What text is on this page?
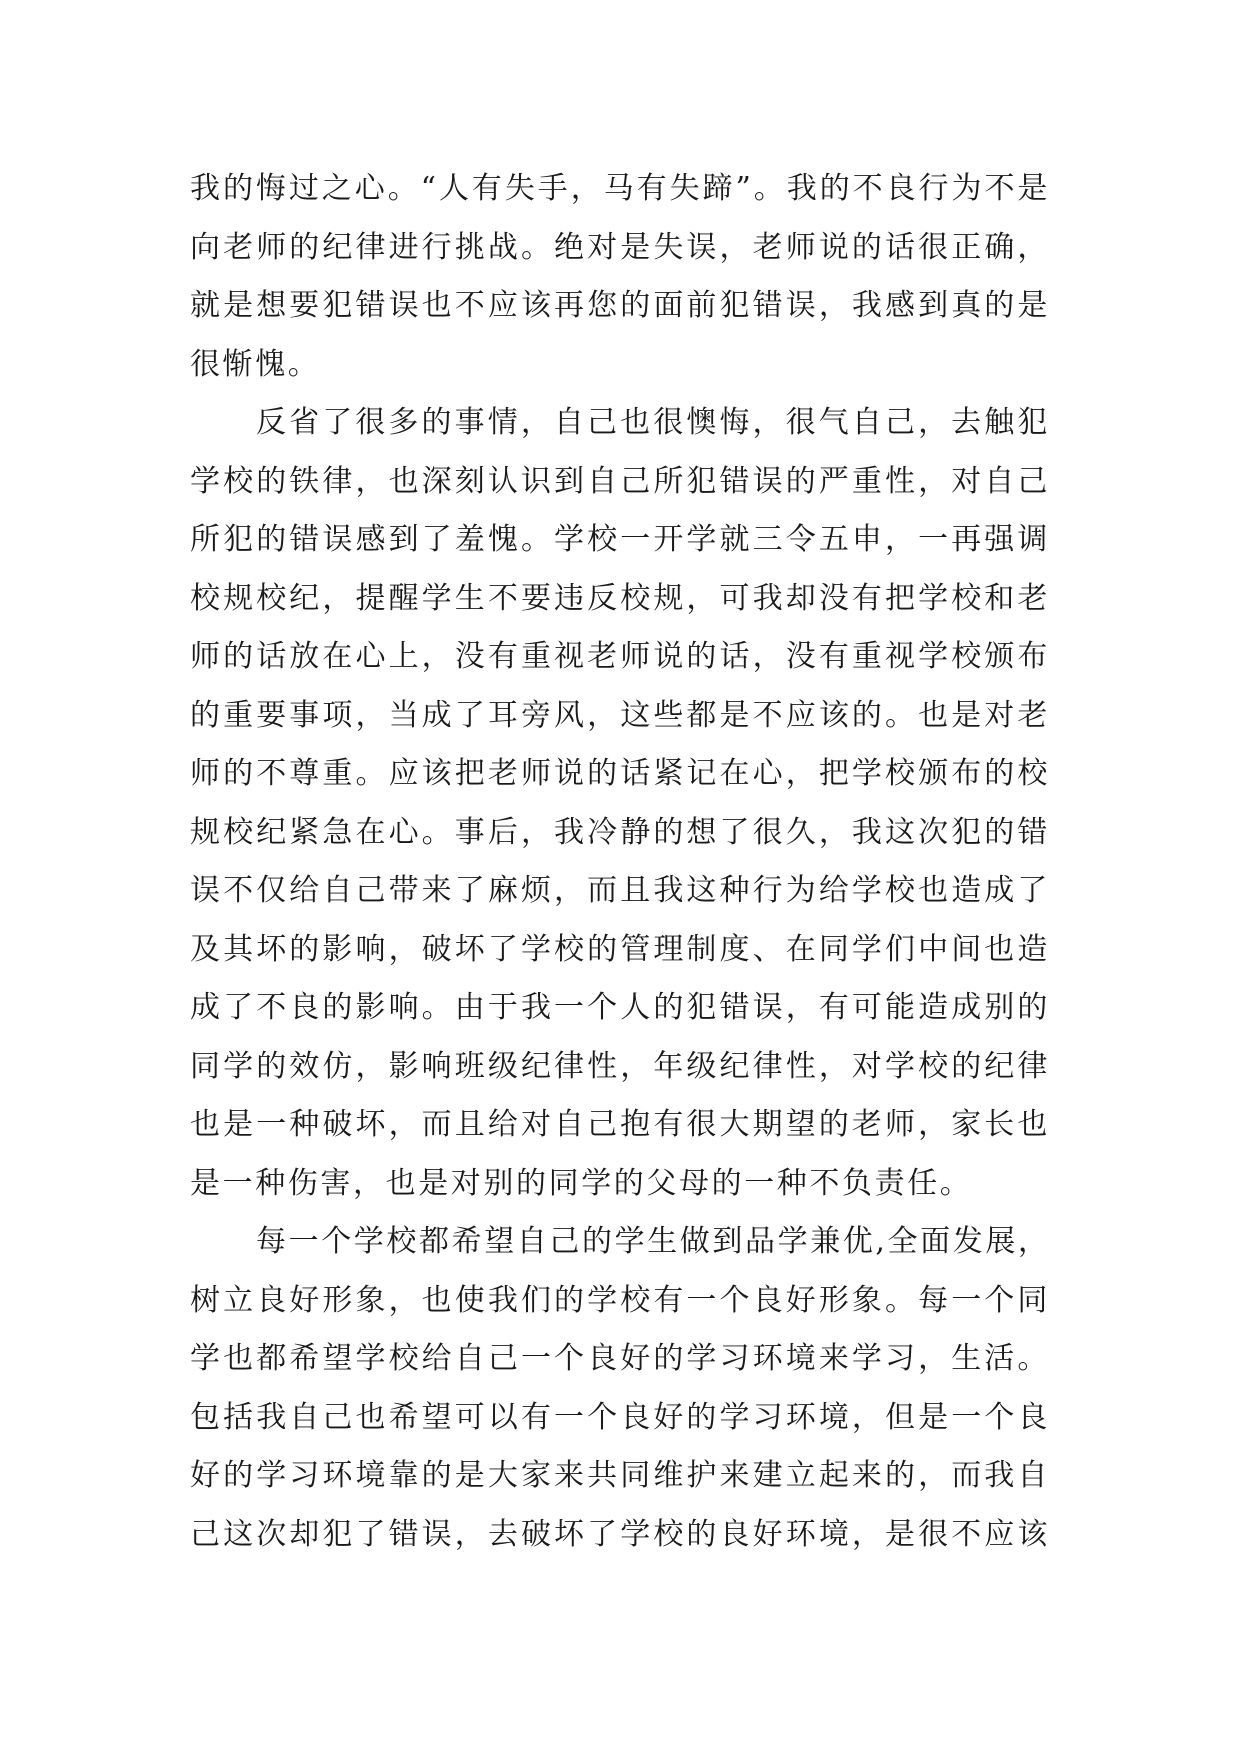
我的悔过之心。“人有失手，马有失蹄”。我的不良行为不是
向老师的纪律进行挑战。绝对是失误，老师说的话很正确，
就是想要犯错误也不应该再您的面前犯错误，我感到真的是
很惭愧。
反省了很多的事情，自己也很懊悔，很气自己，去触犯
学校的铁律，也深刻认识到自己所犯错误的严重性，对自己
所犯的错误感到了羞愧。学校一开学就三令五申，一再强调
校规校纪，提醒学生不要违反校规，可我却没有把学校和老
师的话放在心上，没有重视老师说的话，没有重视学校颁布
的重要事项，当成了耳旁风，这些都是不应该的。也是对老
师的不尊重。应该把老师说的话紧记在心，把学校颁布的校
规校纪紧急在心。事后，我冷静的想了很久，我这次犯的错
误不仅给自己带来了麻烦，而且我这种行为给学校也造成了
及其坏的影响，破坏了学校的管理制度、在同学们中间也造
成了不良的影响。由于我一个人的犯错误，有可能造成别的
同学的效仿，影响班级纪律性，年级纪律性，对学校的纪律
也是一种破坏，而且给对自己抱有很大期望的老师，家长也
是一种伤害，也是对别的同学的父母的一种不负责任。
每一个学校都希望自己的学生做到品学兼优,全面发展，
树立良好形象，也使我们的学校有一个良好形象。每一个同
学也都希望学校给自己一个良好的学习环境来学习，生活。
包括我自己也希望可以有一个良好的学习环境，但是一个良
好的学习环境靠的是大家来共同维护来建立起来的，而我自
己这次却犯了错误，去破坏了学校的良好环境，是很不应该
